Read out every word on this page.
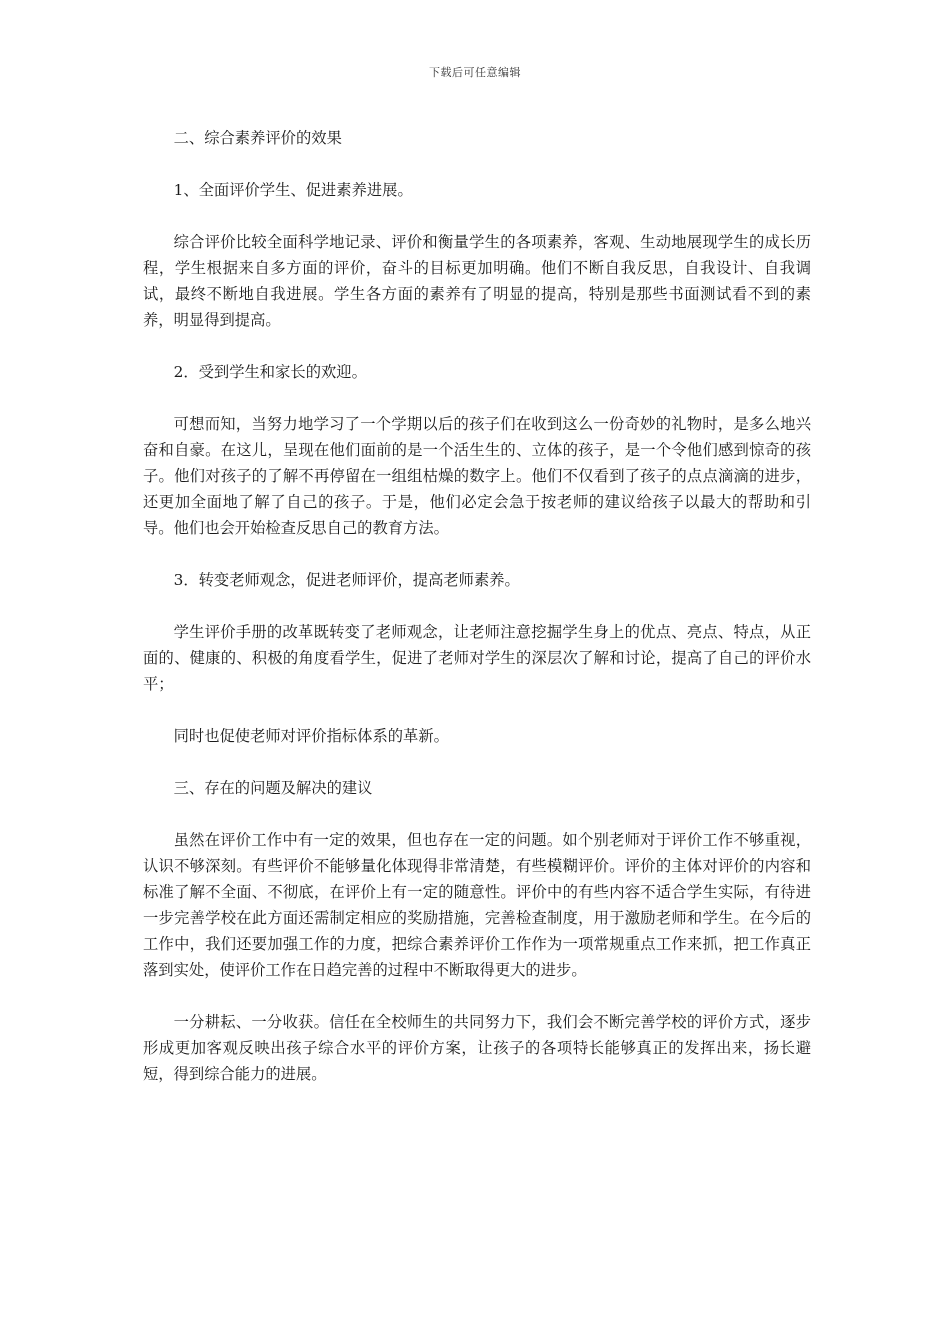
下载后可任意编辑

二、综合素养评价的效果

1、全面评价学生、促进素养进展。

综合评价比较全面科学地记录、评价和衡量学生的各项素养，客观、生动地展现学生的成长历程，学生根据来自多方面的评价，奋斗的目标更加明确。他们不断自我反思，自我设计、自我调试，最终不断地自我进展。学生各方面的素养有了明显的提高，特别是那些书面测试看不到的素养，明显得到提高。

2．受到学生和家长的欢迎。

可想而知，当努力地学习了一个学期以后的孩子们在收到这么一份奇妙的礼物时，是多么地兴奋和自豪。在这儿，呈现在他们面前的是一个活生生的、立体的孩子，是一个令他们感到惊奇的孩子。他们对孩子的了解不再停留在一组组枯燥的数字上。他们不仅看到了孩子的点点滴滴的进步，还更加全面地了解了自己的孩子。于是，他们必定会急于按老师的建议给孩子以最大的帮助和引导。他们也会开始检查反思自己的教育方法。

3．转变老师观念，促进老师评价，提高老师素养。

学生评价手册的改革既转变了老师观念，让老师注意挖掘学生身上的优点、亮点、特点，从正面的、健康的、积极的角度看学生，促进了老师对学生的深层次了解和讨论，提高了自己的评价水平；

同时也促使老师对评价指标体系的革新。

三、存在的问题及解决的建议

虽然在评价工作中有一定的效果，但也存在一定的问题。如个别老师对于评价工作不够重视，认识不够深刻。有些评价不能够量化体现得非常清楚，有些模糊评价。评价的主体对评价的内容和标准了解不全面、不彻底，在评价上有一定的随意性。评价中的有些内容不适合学生实际，有待进一步完善学校在此方面还需制定相应的奖励措施，完善检查制度，用于激励老师和学生。在今后的工作中，我们还要加强工作的力度，把综合素养评价工作作为一项常规重点工作来抓，把工作真正落到实处，使评价工作在日趋完善的过程中不断取得更大的进步。

一分耕耘、一分收获。信任在全校师生的共同努力下，我们会不断完善学校的评价方式，逐步形成更加客观反映出孩子综合水平的评价方案，让孩子的各项特长能够真正的发挥出来，扬长避短，得到综合能力的进展。
